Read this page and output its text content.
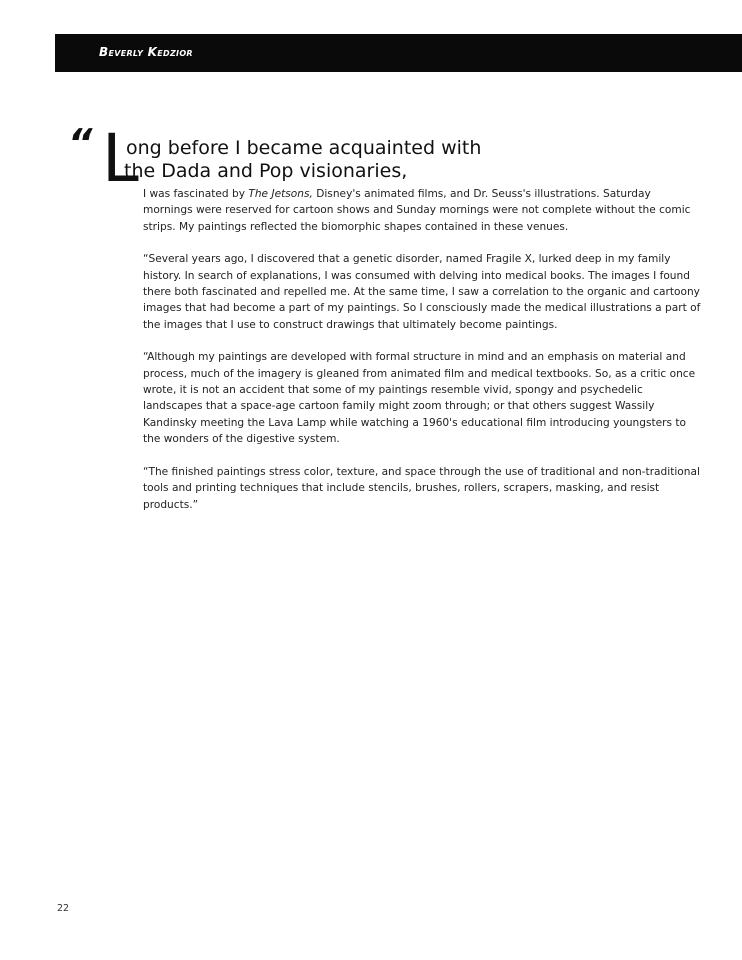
Beverly Kedzior
“ L
ong before I became acquainted with
the Dada and Pop visionaries,

I was fascinated by The Jetsons, Disney's animated films, and Dr. Seuss's illustrations. Saturday mornings were reserved for cartoon shows and Sunday mornings were not complete without the comic strips. My paintings reflected the biomorphic shapes contained in these venues.

“Several years ago, I discovered that a genetic disorder, named Fragile X, lurked deep in my family history. In search of explanations, I was consumed with delving into medical books. The images I found there both fascinated and repelled me. At the same time, I saw a correlation to the organic and cartoony images that had become a part of my paintings. So I consciously made the medical illustrations a part of the images that I use to construct drawings that ultimately become paintings.

“Although my paintings are developed with formal structure in mind and an emphasis on material and process, much of the imagery is gleaned from animated film and medical textbooks. So, as a critic once wrote, it is not an accident that some of my paintings resemble vivid, spongy and psychedelic landscapes that a space-age cartoon family might zoom through; or that others suggest Wassily Kandinsky meeting the Lava Lamp while watching a 1960's educational film introducing youngsters to the wonders of the digestive system.

“The finished paintings stress color, texture, and space through the use of traditional and non-traditional tools and printing techniques that include stencils, brushes, rollers, scrapers, masking, and resist products.”

22
